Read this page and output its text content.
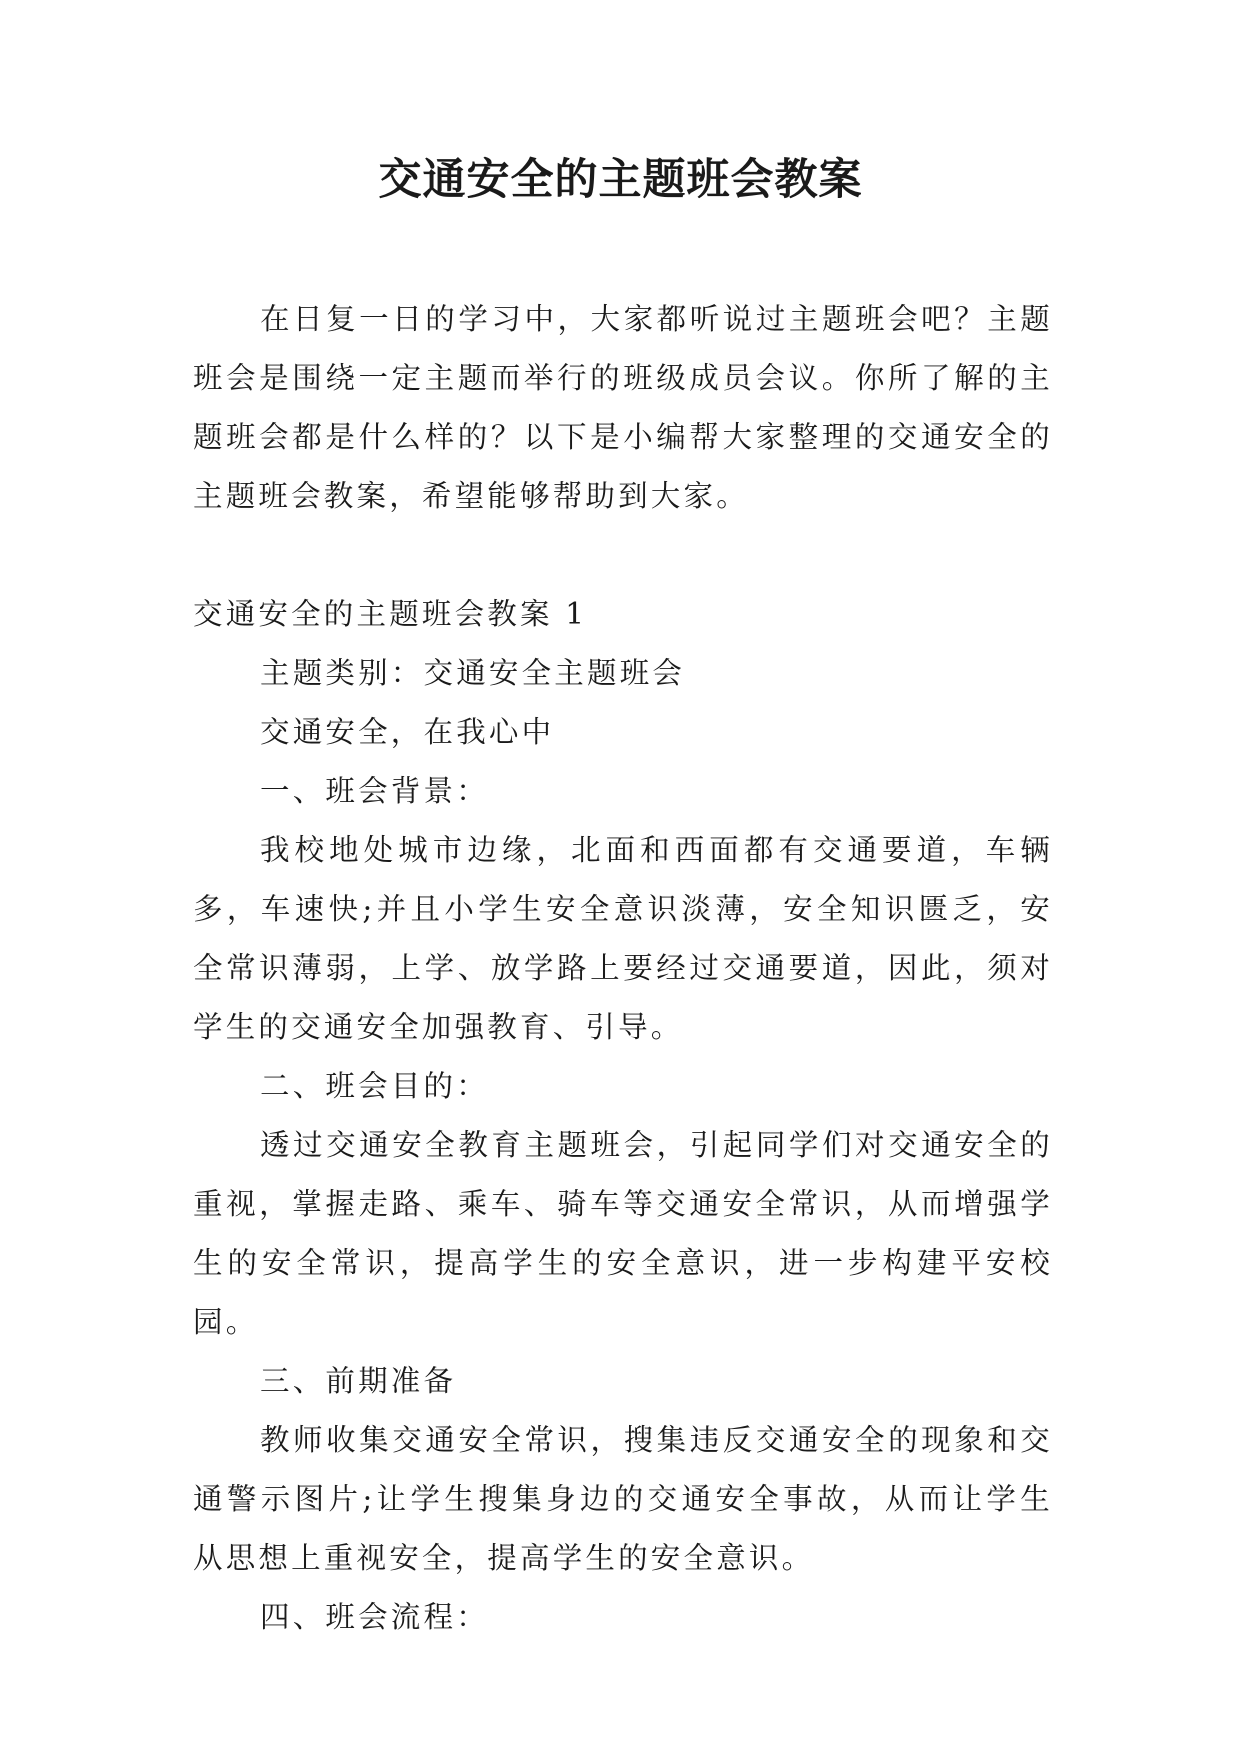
交通安全的主题班会教案

在日复一日的学习中，大家都听说过主题班会吧？主题班会是围绕一定主题而举行的班级成员会议。你所了解的主题班会都是什么样的？以下是小编帮大家整理的交通安全的主题班会教案，希望能够帮助到大家。

交通安全的主题班会教案 1

主题类别：交通安全主题班会

交通安全，在我心中

一、班会背景：

我校地处城市边缘，北面和西面都有交通要道，车辆多，车速快;并且小学生安全意识淡薄，安全知识匮乏，安全常识薄弱，上学、放学路上要经过交通要道，因此，须对学生的交通安全加强教育、引导。

二、班会目的：

透过交通安全教育主题班会，引起同学们对交通安全的重视，掌握走路、乘车、骑车等交通安全常识，从而增强学生的安全常识，提高学生的安全意识，进一步构建平安校园。

三、前期准备

教师收集交通安全常识，搜集违反交通安全的现象和交通警示图片;让学生搜集身边的交通安全事故，从而让学生从思想上重视安全，提高学生的安全意识。

四、班会流程：
